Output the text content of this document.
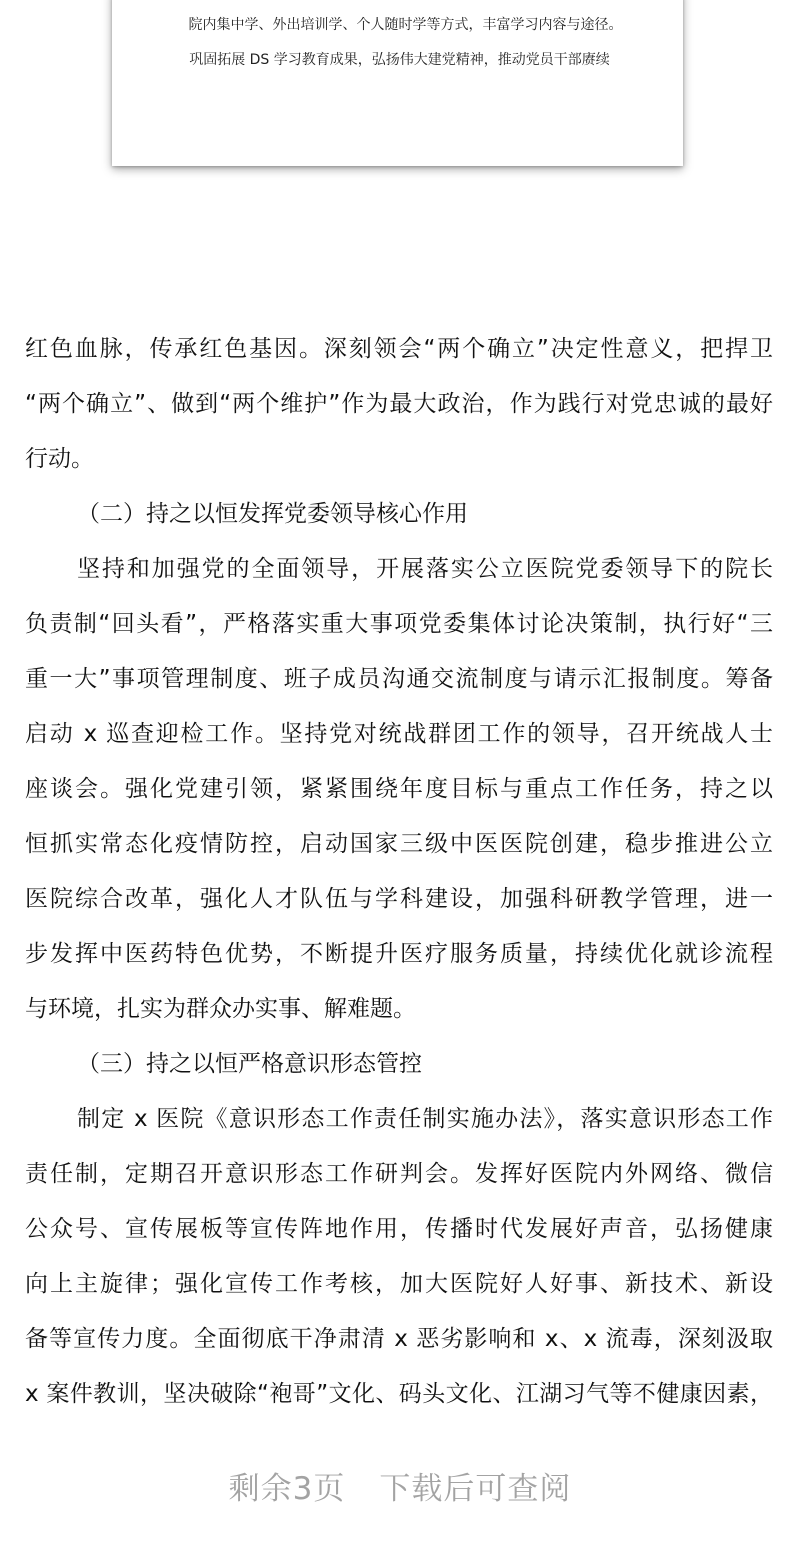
院内集中学、外出培训学、个人随时学等方式，丰富学习内容与途径。
巩固拓展 DS 学习教育成果，弘扬伟大建党精神，推动党员干部赓续
红色血脉，传承红色基因。深刻领会“两个确立”决定性意义，把捍卫
“两个确立”、做到“两个维护”作为最大政治，作为践行对党忠诚的最好
行动。
（二）持之以恒发挥党委领导核心作用
坚持和加强党的全面领导，开展落实公立医院党委领导下的院长
负责制“回头看”，严格落实重大事项党委集体讨论决策制，执行好“三
重一大”事项管理制度、班子成员沟通交流制度与请示汇报制度。筹备
启动 x 巡查迎检工作。坚持党对统战群团工作的领导，召开统战人士
座谈会。强化党建引领，紧紧围绕年度目标与重点工作任务，持之以
恒抓实常态化疫情防控，启动国家三级中医医院创建，稳步推进公立
医院综合改革，强化人才队伍与学科建设，加强科研教学管理，进一
步发挥中医药特色优势，不断提升医疗服务质量，持续优化就诊流程
与环境，扎实为群众办实事、解难题。
（三）持之以恒严格意识形态管控
制定 x 医院《意识形态工作责任制实施办法》，落实意识形态工作
责任制，定期召开意识形态工作研判会。发挥好医院内外网络、微信
公众号、宣传展板等宣传阵地作用，传播时代发展好声音，弘扬健康
向上主旋律；强化宣传工作考核，加大医院好人好事、新技术、新设
备等宣传力度。全面彻底干净肃清 x 恶劣影响和 x、x 流毒，深刻汲取
x 案件教训，坚决破除“袍哥”文化、码头文化、江湖习气等不健康因素，
剩余3页 下载后可查阅
